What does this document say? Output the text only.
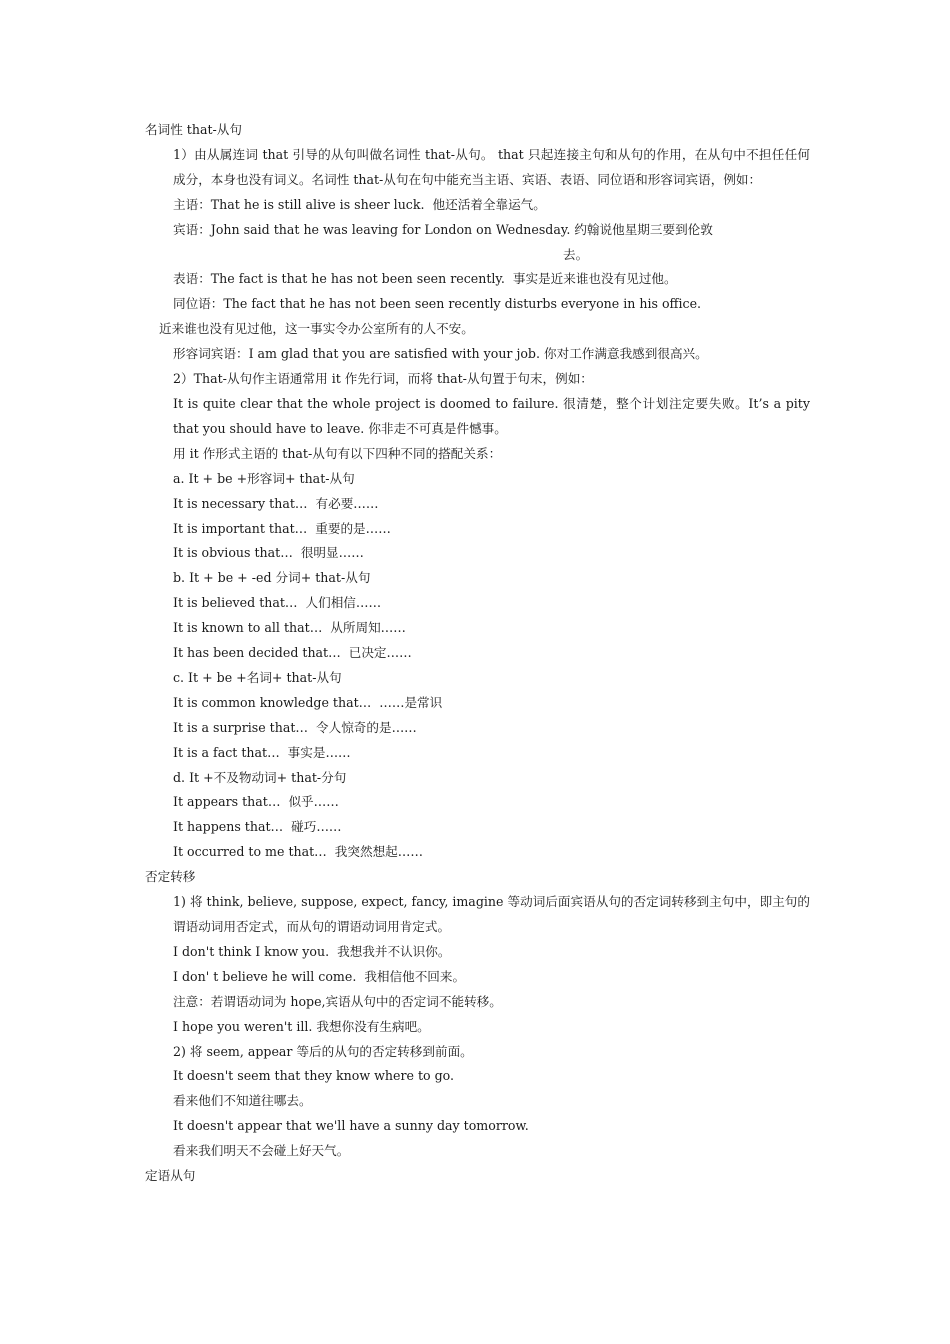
名词性 that-从句

1）由从属连词 that 引导的从句叫做名词性 that-从句。 that 只起连接主句和从句的作用，在从句中不担任任何成分，本身也没有词义。名词性 that-从句在句中能充当主语、宾语、表语、同位语和形容词宾语，例如：

主语：That he is still alive is sheer luck.  他还活着全靠运气。

宾语：John said that he was leaving for London on Wednesday. 约翰说他星期三要到伦敦

去。

表语：The fact is that he has not been seen recently.  事实是近来谁也没有见过他。

同位语：The fact that he has not been seen recently disturbs everyone in his office.

近来谁也没有见过他，这一事实令办公室所有的人不安。

形容词宾语：I am glad that you are satisfied with your job. 你对工作满意我感到很高兴。

2）That-从句作主语通常用 it 作先行词，而将 that-从句置于句末，例如：

It is quite clear that the whole project is doomed to failure. 很清楚，整个计划注定要失败。It’s a pity that you should have to leave. 你非走不可真是件憾事。

用 it 作形式主语的 that-从句有以下四种不同的搭配关系：

a. It + be +形容词+ that-从句

It is necessary that…  有必要……

It is important that…  重要的是……

It is obvious that…  很明显……

b. It + be + -ed 分词+ that-从句

It is believed that…  人们相信……

It is known to all that…  从所周知……

It has been decided that…  已决定……

c. It + be +名词+ that-从句

It is common knowledge that…  ……是常识

It is a surprise that…  令人惊奇的是……

It is a fact that…  事实是……

d. It +不及物动词+ that-分句

It appears that…  似乎……

It happens that…  碰巧……

It occurred to me that…  我突然想起……

否定转移

1) 将 think, believe, suppose, expect, fancy, imagine 等动词后面宾语从句的否定词转移到主句中，即主句的谓语动词用否定式，而从句的谓语动词用肯定式。

I don't think I know you.  我想我并不认识你。

I don' t believe he will come.  我相信他不回来。

注意：若谓语动词为 hope,宾语从句中的否定词不能转移。

I hope you weren't ill. 我想你没有生病吧。

2) 将 seem, appear 等后的从句的否定转移到前面。

It doesn't seem that they know where to go.

看来他们不知道往哪去。

It doesn't appear that we'll have a sunny day tomorrow.

看来我们明天不会碰上好天气。

定语从句
